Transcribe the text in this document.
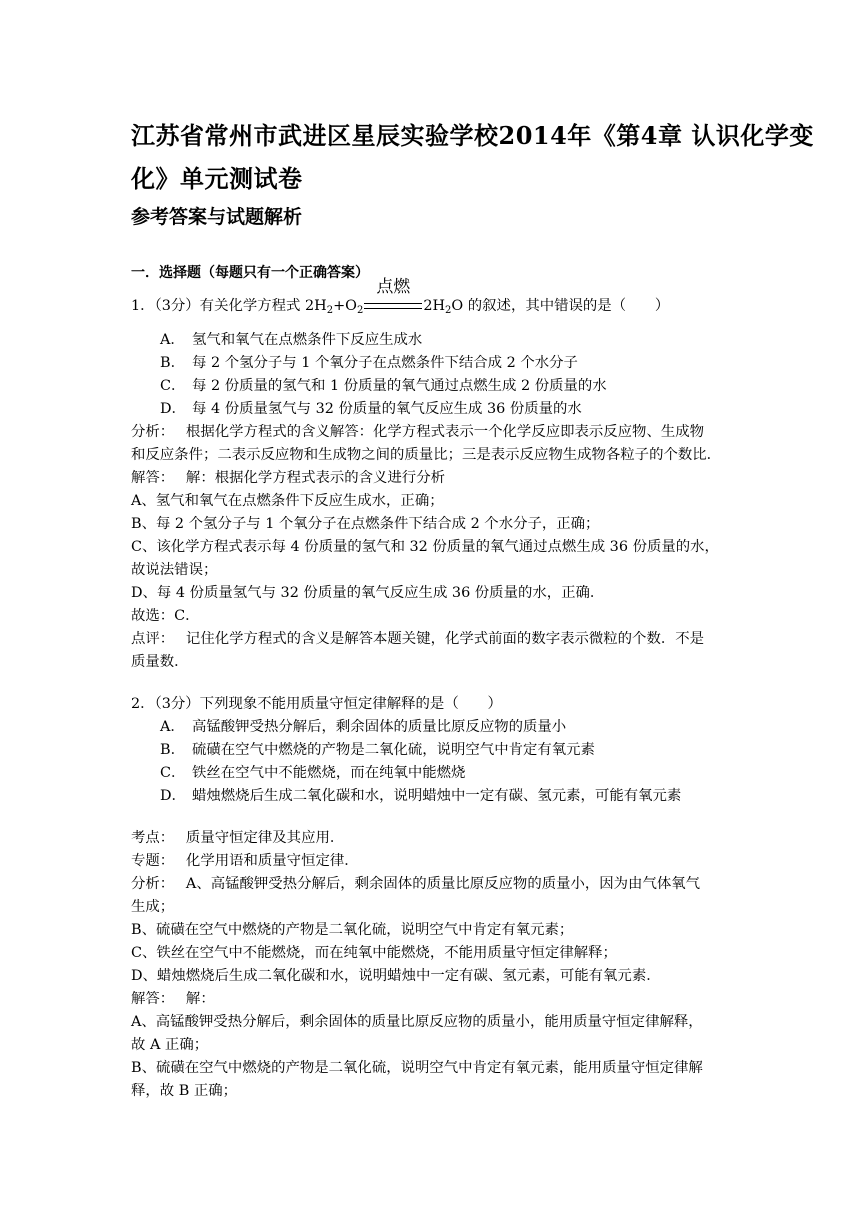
江苏省常州市武进区星辰实验学校2014年《第4章 认识化学变
化》单元测试卷
参考答案与试题解析
一．选择题（每题只有一个正确答案）
1．（3分）有关化学方程式 $2H_2+O_2$
点燃
$2H_2O$ 的叙述，其中错误的是（　　）
A． 氢气和氧气在点燃条件下反应生成水
B． 每 2 个氢分子与 1 个氧分子在点燃条件下结合成 2 个水分子
C． 每 2 份质量的氢气和 1 份质量的氧气通过点燃生成 2 份质量的水
D． 每 4 份质量氢气与 32 份质量的氧气反应生成 36 份质量的水
分析：　 根据化学方程式的含义解答：化学方程式表示一个化学反应即表示反应物、生成物
和反应条件；二表示反应物和生成物之间的质量比；三是表示反应物生成物各粒子的个数比．
解答：　 解：根据化学方程式表示的含义进行分析
A、氢气和氧气在点燃条件下反应生成水，正确；
B、每 2 个氢分子与 1 个氧分子在点燃条件下结合成 2 个水分子，正确；
C、该化学方程式表示每 4 份质量的氢气和 32 份质量的氧气通过点燃生成 36 份质量的水，
故说法错误；
D、每 4 份质量氢气与 32 份质量的氧气反应生成 36 份质量的水，正确．
故选：C．
点评：　 记住化学方程式的含义是解答本题关键，化学式前面的数字表示微粒的个数．不是
质量数．
2．（3分）下列现象不能用质量守恒定律解释的是（　　）
A． 高锰酸钾受热分解后，剩余固体的质量比原反应物的质量小
B． 硫磺在空气中燃烧的产物是二氧化硫，说明空气中肯定有氧元素
C． 铁丝在空气中不能燃烧，而在纯氧中能燃烧
D． 蜡烛燃烧后生成二氧化碳和水，说明蜡烛中一定有碳、氢元素，可能有氧元素
考点：　 质量守恒定律及其应用．
专题：　 化学用语和质量守恒定律．
分析：　 A、高锰酸钾受热分解后，剩余固体的质量比原反应物的质量小，因为由气体氧气
生成；
B、硫磺在空气中燃烧的产物是二氧化硫，说明空气中肯定有氧元素；
C、铁丝在空气中不能燃烧，而在纯氧中能燃烧，不能用质量守恒定律解释；
D、蜡烛燃烧后生成二氧化碳和水，说明蜡烛中一定有碳、氢元素，可能有氧元素．
解答：　 解：
A、高锰酸钾受热分解后，剩余固体的质量比原反应物的质量小，能用质量守恒定律解释，
故 A 正确；
B、硫磺在空气中燃烧的产物是二氧化硫，说明空气中肯定有氧元素，能用质量守恒定律解
释，故 B 正确；
